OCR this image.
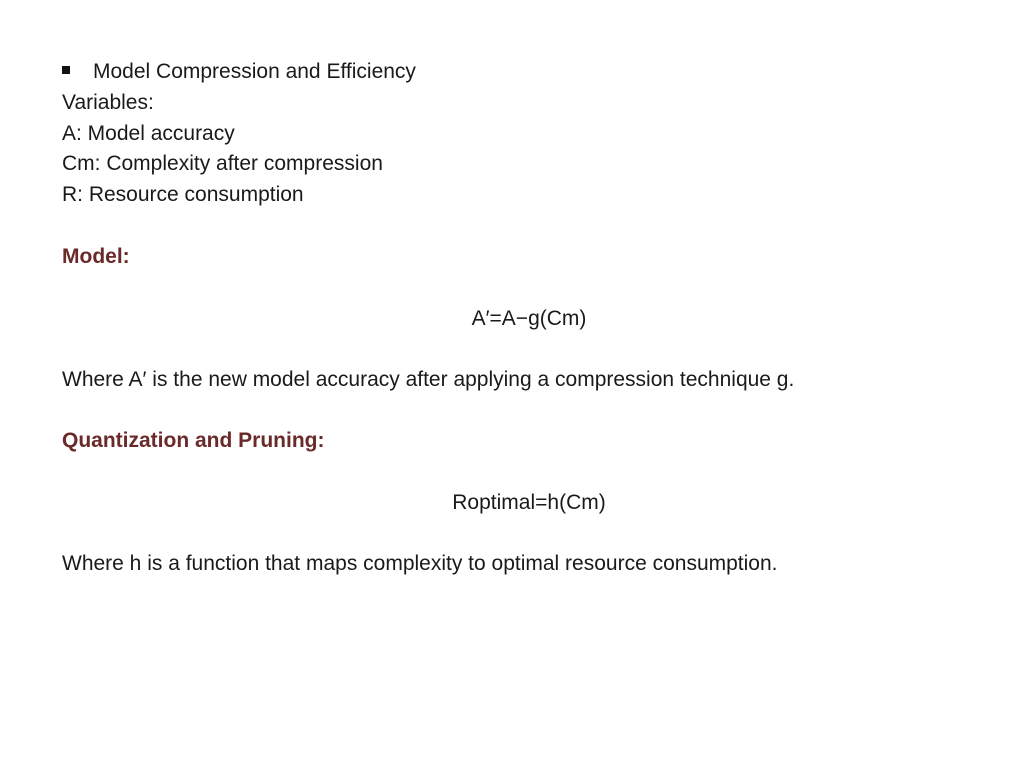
Model Compression and Efficiency
Variables:
A: Model accuracy
Cm: Complexity after compression
R: Resource consumption
Model:
A′=A−g(Cm)
Where A′ is the new model accuracy after applying a compression technique g.
Quantization and Pruning:
Roptimal=h(Cm)
Where h is a function that maps complexity to optimal resource consumption.
